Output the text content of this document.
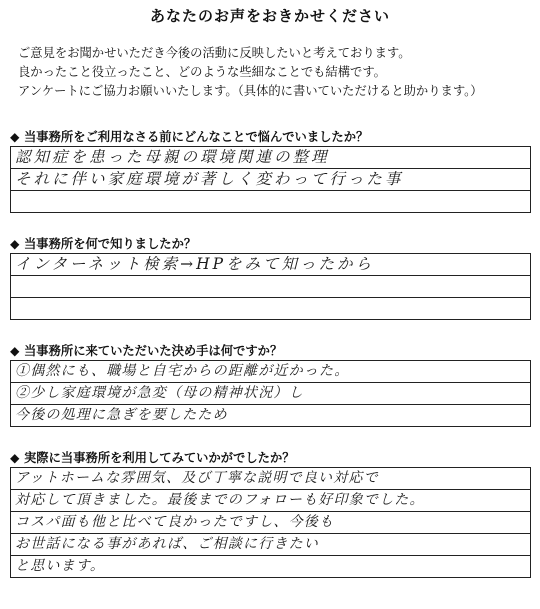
あなたのお声をおきかせください

ご意見をお聞かせいただき今後の活動に反映したいと考えております。

良かったこと役立ったこと、どのような些細なことでも結構です。

アンケートにご協力お願いいたします。（具体的に書いていただけると助かります。）

◆ 当事務所をご利用なさる前にどんなことで悩んでいましたか？
認知症を患った母親の環境関連の整理
それに伴い家庭環境が著しく変わって行った事
◆ 当事務所を何で知りましたか？
インターネット検索→HPをみて知ったから
◆ 当事務所に来ていただいた決め手は何ですか？
①偶然にも、職場と自宅からの距離が近かった。
②少し家庭環境が急変（母の精神状況）し
今後の処理に急ぎを要したため
◆ 実際に当事務所を利用してみていかがでしたか？
アットホームな雰囲気、及び丁寧な説明で良い対応で
対応して頂きました。最後までのフォローも好印象でした。
コスパ面も他と比べて良かったですし、今後も
お世話になる事があれば、ご相談に行きたい
と思います。
